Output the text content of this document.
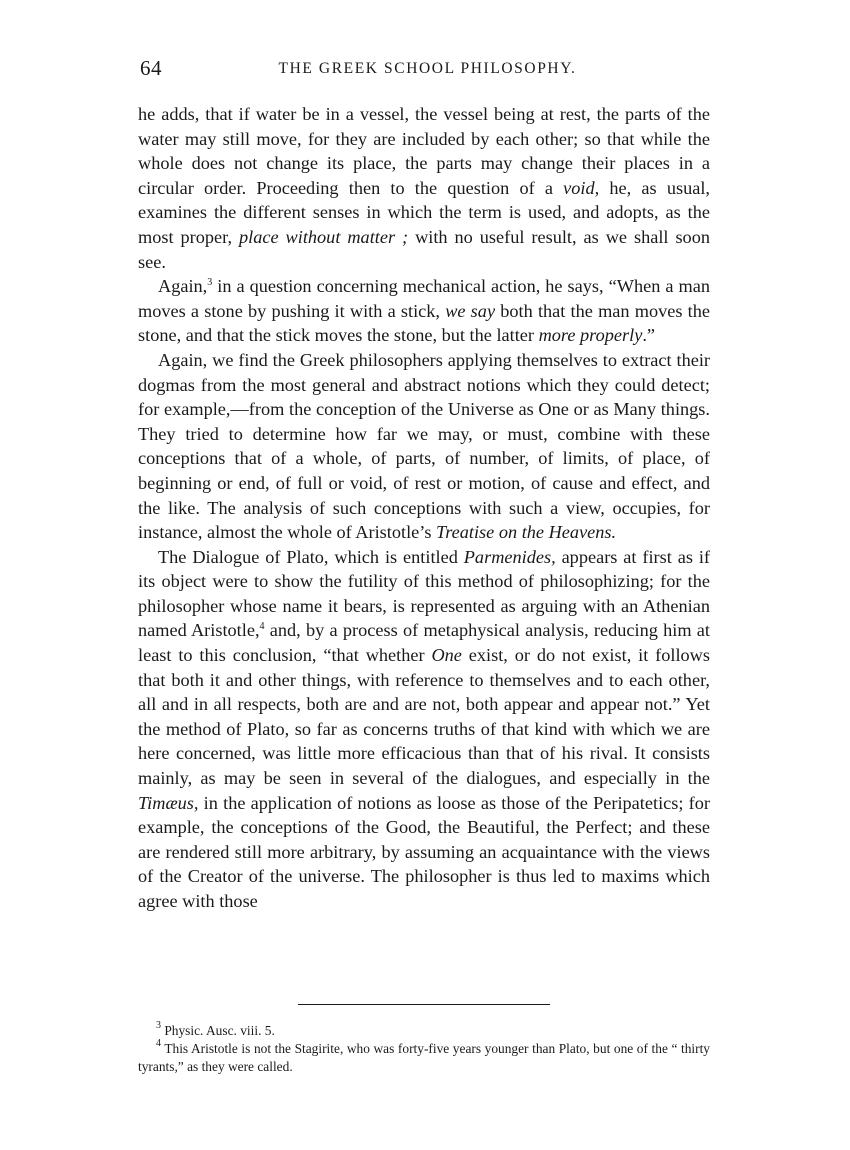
64	THE GREEK SCHOOL PHILOSOPHY.

he adds, that if water be in a vessel, the vessel being at rest, the parts of the water may still move, for they are included by each other; so that while the whole does not change its place, the parts may change their places in a circular order. Proceeding then to the question of a void, he, as usual, examines the different senses in which the term is used, and adopts, as the most proper, place without matter ; with no useful result, as we shall soon see.

Again,$^3$ in a question concerning mechanical action, he says, “When a man moves a stone by pushing it with a stick, we say both that the man moves the stone, and that the stick moves the stone, but the latter more properly.”

Again, we find the Greek philosophers applying themselves to extract their dogmas from the most general and abstract notions which they could detect; for example,—from the conception of the Universe as One or as Many things. They tried to determine how far we may, or must, combine with these conceptions that of a whole, of parts, of number, of limits, of place, of beginning or end, of full or void, of rest or motion, of cause and effect, and the like. The analysis of such conceptions with such a view, occupies, for instance, almost the whole of Aristotle’s Treatise on the Heavens.

The Dialogue of Plato, which is entitled Parmenides, appears at first as if its object were to show the futility of this method of philosophizing; for the philosopher whose name it bears, is represented as arguing with an Athenian named Aristotle,$^4$ and, by a process of metaphysical analysis, reducing him at least to this conclusion, “that whether One exist, or do not exist, it follows that both it and other things, with reference to themselves and to each other, all and in all respects, both are and are not, both appear and appear not.” Yet the method of Plato, so far as concerns truths of that kind with which we are here concerned, was little more efficacious than that of his rival. It consists mainly, as may be seen in several of the dialogues, and especially in the Timæus, in the application of notions as loose as those of the Peripatetics; for example, the conceptions of the Good, the Beautiful, the Perfect; and these are rendered still more arbitrary, by assuming an acquaintance with the views of the Creator of the universe. The philosopher is thus led to maxims which agree with those

$^3$ Physic. Ausc. viii. 5.

$^4$ This Aristotle is not the Stagirite, who was forty-five years younger than Plato, but one of the “ thirty tyrants,” as they were called.
